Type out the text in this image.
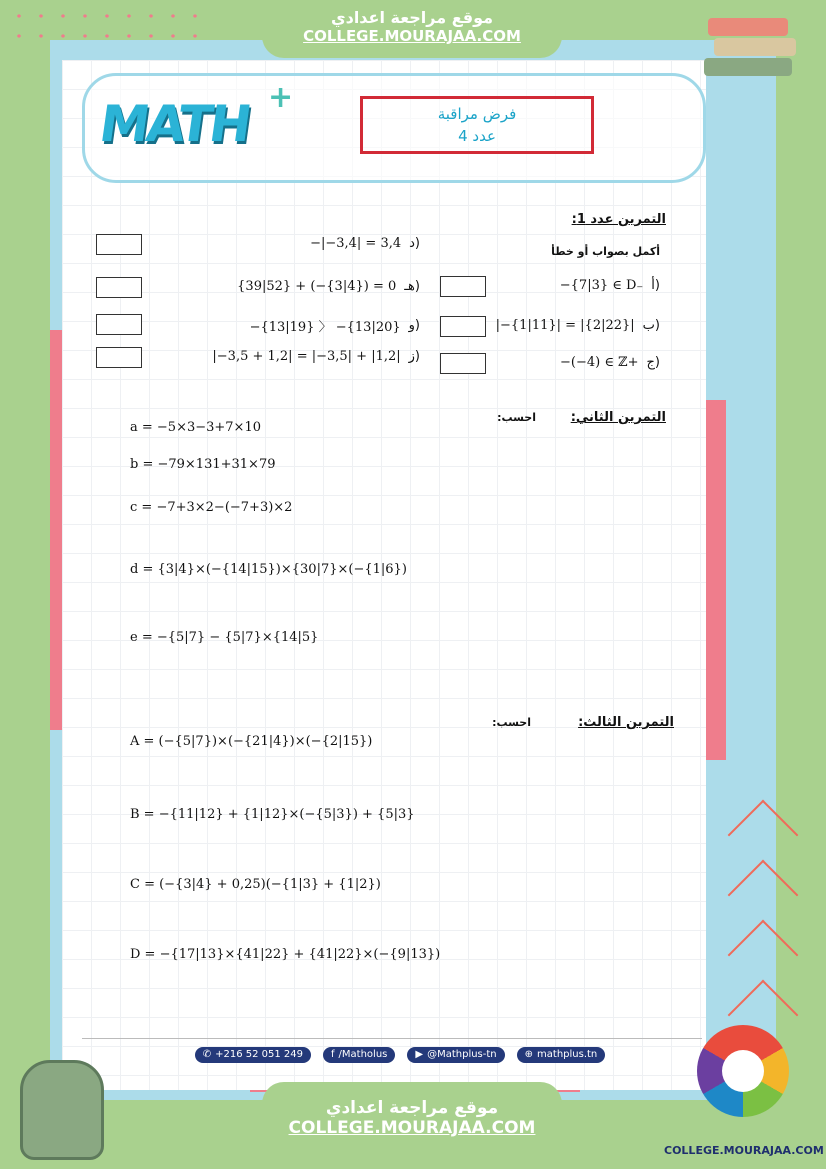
موقع مراجعة اعدادي
COLLEGE.MOURAJAA.COM
MATH +	فرض مراقبة
عدد 4
التمرين عدد 1:
أكمل بصواب أو خطأ
التمرين الثاني:
احسب:
التمرين الثالث:
احسب:
✆ +216 52 051 249	f /Matholus	▶ @Mathplus-tn	⊕ mathplus.tn
موقع مراجعة اعدادي
COLLEGE.MOURAJAA.COM
COLLEGE.MOURAJAA.COM
−{7|3} ∈ D₋ أ)
|−{1|11}| = |{2|22}| ب)
−(−4) ∈ ℤ+ ج)
−|−3,4| = 3,4 د)
{39|52} + (−{3|4}) = 0 هـ)
−{13|19} 〉 −{13|20} و)
|−3,5 + 1,2| = |−3,5| + |1,2| ز)
a = −5×3−3+7×10
b = −79×131+31×79
c = −7+3×2−(−7+3)×2
d = {3|4}×(−{14|15})×{30|7}×(−{1|6})
e = −{5|7} − {5|7}×{14|5}
A = (−{5|7})×(−{21|4})×(−{2|15})
B = −{11|12} + {1|12}×(−{5|3}) + {5|3}
C = (−{3|4} + 0,25)(−{1|3} + {1|2})
D = −{17|13}×{41|22} + {41|22}×(−{9|13})
